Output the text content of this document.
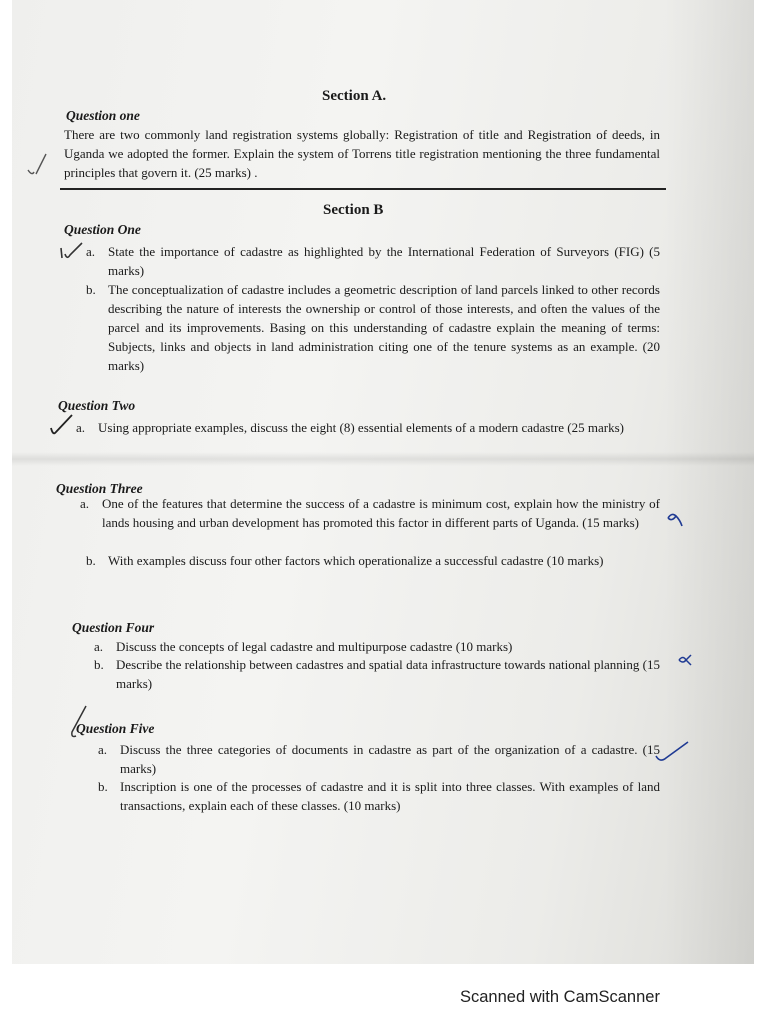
Section A.
Question one

There are two commonly land registration systems globally: Registration of title and Registration of deeds, in Uganda we adopted the former. Explain the system of Torrens title registration mentioning the three fundamental principles that govern it. (25 marks) .

Section B
Question One
a. State the importance of cadastre as highlighted by the International Federation of Surveyors (FIG) (5 marks)
b. The conceptualization of cadastre includes a geometric description of land parcels linked to other records describing the nature of interests the ownership or control of those interests, and often the values of the parcel and its improvements. Basing on this understanding of cadastre explain the meaning of terms: Subjects, links and objects in land administration citing one of the tenure systems as an example. (20 marks)
Question Two
a. Using appropriate examples, discuss the eight (8) essential elements of a modern cadastre (25 marks)
Question Three
a. One of the features that determine the success of a cadastre is minimum cost, explain how the ministry of lands housing and urban development has promoted this factor in different parts of Uganda. (15 marks)
b. With examples discuss four other factors which operationalize a successful cadastre (10 marks)
Question Four
a. Discuss the concepts of legal cadastre and multipurpose cadastre (10 marks)
b. Describe the relationship between cadastres and spatial data infrastructure towards national planning (15 marks)
Question Five
a. Discuss the three categories of documents in cadastre as part of the organization of a cadastre. (15 marks)
b. Inscription is one of the processes of cadastre and it is split into three classes. With examples of land transactions, explain each of these classes. (10 marks)
Scanned with CamScanner
